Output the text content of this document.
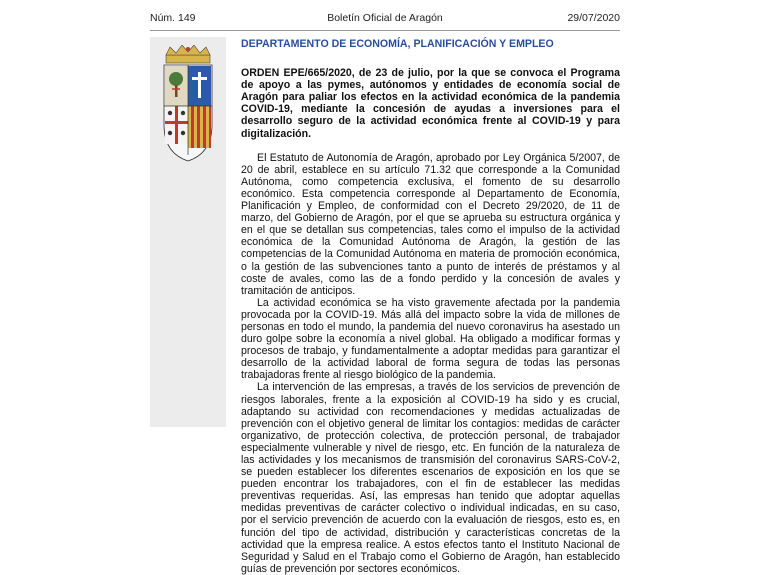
Núm. 149	Boletín Oficial de Aragón	29/07/2020
DEPARTAMENTO DE ECONOMÍA, PLANIFICACIÓN Y EMPLEO

ORDEN EPE/665/2020, de 23 de julio, por la que se convoca el Programa de apoyo a las pymes, autónomos y entidades de economía social de Aragón para paliar los efectos en la actividad económica de la pandemia COVID-19, mediante la concesión de ayudas a inversiones para el desarrollo seguro de la actividad económica frente al COVID-19 y para digitalización.

El Estatuto de Autonomía de Aragón, aprobado por Ley Orgánica 5/2007, de 20 de abril, establece en su artículo 71.32 que corresponde a la Comunidad Autónoma, como competencia exclusiva, el fomento de su desarrollo económico. Esta competencia corresponde al Departamento de Economía, Planificación y Empleo, de conformidad con el Decreto 29/2020, de 11 de marzo, del Gobierno de Aragón, por el que se aprueba su estructura orgánica y en el que se detallan sus competencias, tales como el impulso de la actividad económica de la Comunidad Autónoma de Aragón, la gestión de las competencias de la Comunidad Autónoma en materia de promoción económica, o la gestión de las subvenciones tanto a punto de interés de préstamos y al coste de avales, como las de a fondo perdido y la concesión de avales y tramitación de anticipos.

La actividad económica se ha visto gravemente afectada por la pandemia provocada por la COVID-19. Más allá del impacto sobre la vida de millones de personas en todo el mundo, la pandemia del nuevo coronavirus ha asestado un duro golpe sobre la economía a nivel global. Ha obligado a modificar formas y procesos de trabajo, y fundamentalmente a adoptar medidas para garantizar el desarrollo de la actividad laboral de forma segura de todas las personas trabajadoras frente al riesgo biológico de la pandemia.

La intervención de las empresas, a través de los servicios de prevención de riesgos laborales, frente a la exposición al COVID-19 ha sido y es crucial, adaptando su actividad con recomendaciones y medidas actualizadas de prevención con el objetivo general de limitar los contagios: medidas de carácter organizativo, de protección colectiva, de protección personal, de trabajador especialmente vulnerable y nivel de riesgo, etc. En función de la naturaleza de las actividades y los mecanismos de transmisión del coronavirus SARS-CoV-2, se pueden establecer los diferentes escenarios de exposición en los que se pueden encontrar los trabajadores, con el fin de establecer las medidas preventivas requeridas. Así, las empresas han tenido que adoptar aquellas medidas preventivas de carácter colectivo o individual indicadas, en su caso, por el servicio prevención de acuerdo con la evaluación de riesgos, esto es, en función del tipo de actividad, distribución y características concretas de la actividad que la empresa realice. A estos efectos tanto el Instituto Nacional de Seguridad y Salud en el Trabajo como el Gobierno de Aragón, han establecido guías de prevención por sectores económicos.
